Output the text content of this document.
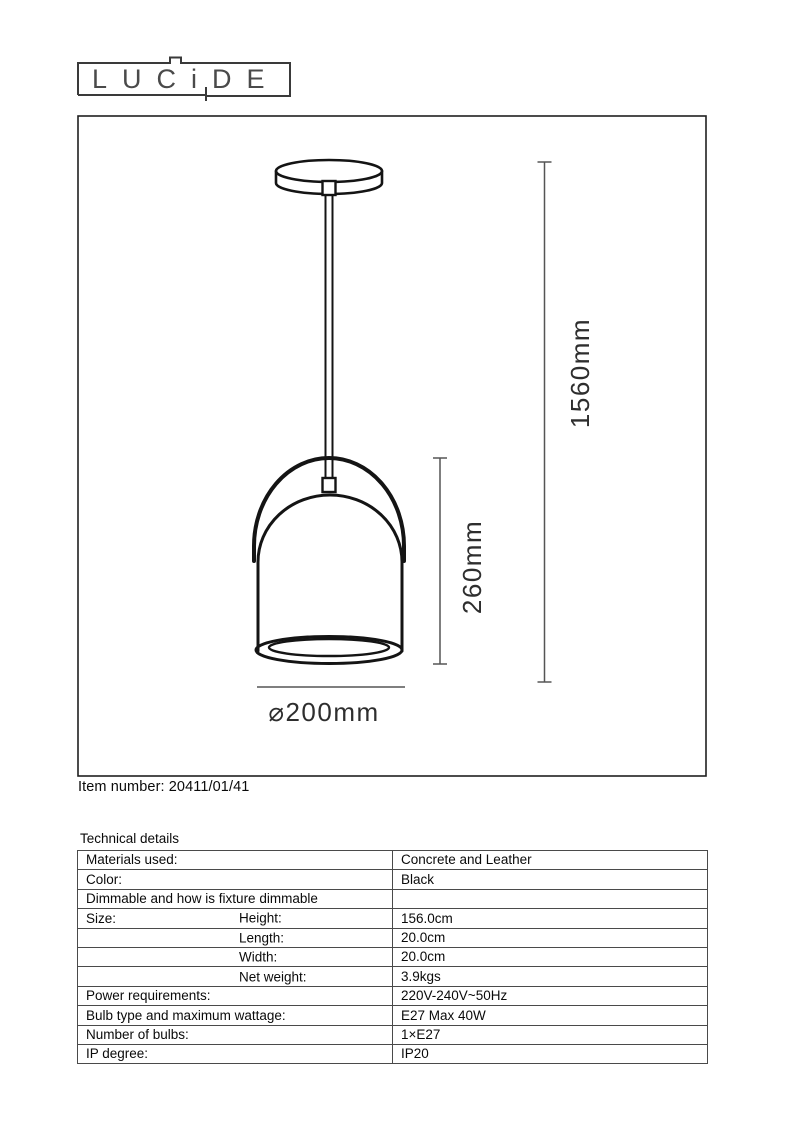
LUCiDE
1560mm
260mm
⌀200mm
Item number: 20411/01/41
Technical details
Materials used:	Concrete and Leather
Color:	Black
Dimmable and how is fixture dimmable

Size: Height:	156.0cm

Length:	20.0cm

Width:	20.0cm

Net weight:	3.9kgs
Power requirements:	220V-240V~50Hz
Bulb type and maximum wattage:	E27 Max 40W
Number of bulbs:	1×E27
IP degree:	IP20
